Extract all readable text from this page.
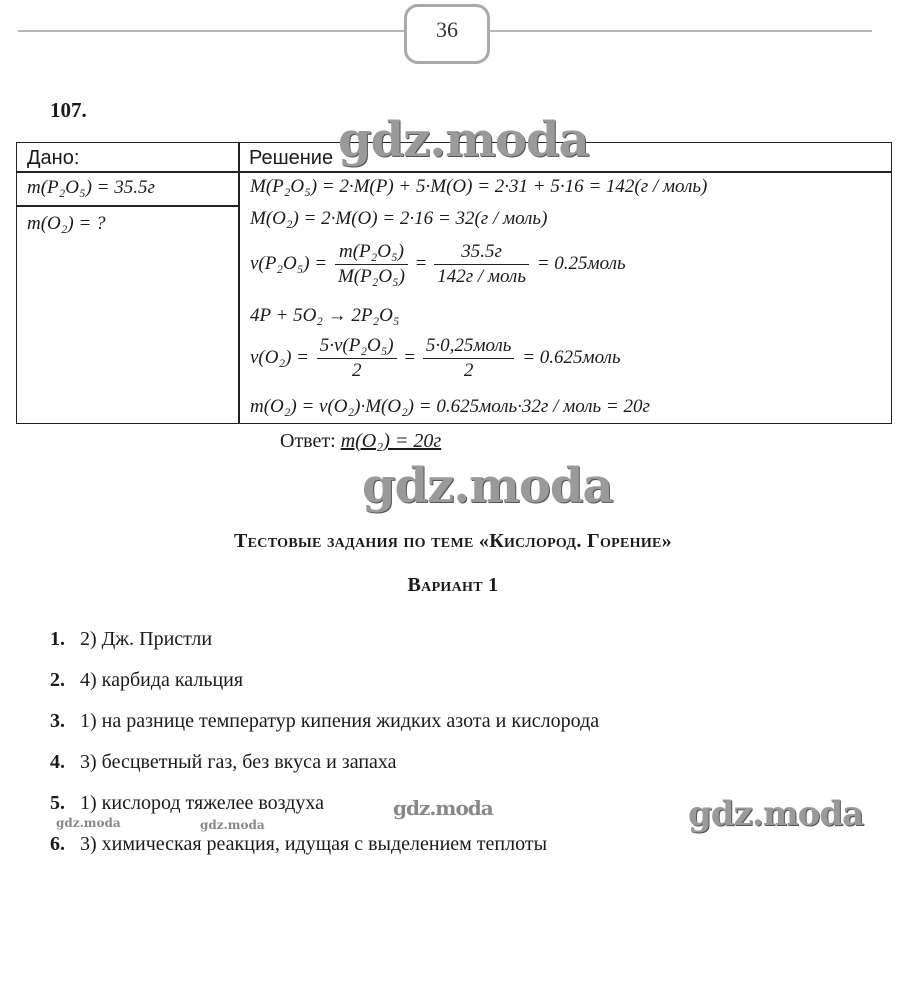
36
107.
Дано:	Решение
m(P₂O₅) = 35.5г
m(O₂) = ?
M(P₂O₅) = 2·M(P) + 5·M(O) = 2·31 + 5·16 = 142(г / моль)
M(O₂) = 2·M(O) = 2·16 = 32(г / моль)
$\nu(P_2O_5) = \frac{\text{m(P₂O₅)}}{\text{M(P₂O₅)}} = \frac{35.5г}{\text{142г / моль}}$ = 0.25моль
4P + 5O₂ → 2P₂O₅
$\nu(O_2) = \frac{\text{5·ν(P₂O₅)}}{2} = \frac{\text{5·0,25моль}}{2}$ = 0.625моль
m(O₂) = ν(O₂)·M(O₂) = 0.625моль·32г / моль = 20г
Ответ: m(O₂) = 20г
Тестовые задания по теме «Кислород. Горение»
Вариант 1
1. 2) Дж. Пристли
2. 4) карбида кальция
3. 1) на разнице температур кипения жидких азота и кислорода
4. 3) бесцветный газ, без вкуса и запаха
5. 1) кислород тяжелее воздуха
6. 3) химическая реакция, идущая с выделением теплоты
gdz.moda
gdz.moda
gdz.moda
gdz.moda
gdz.moda	gdz.moda
